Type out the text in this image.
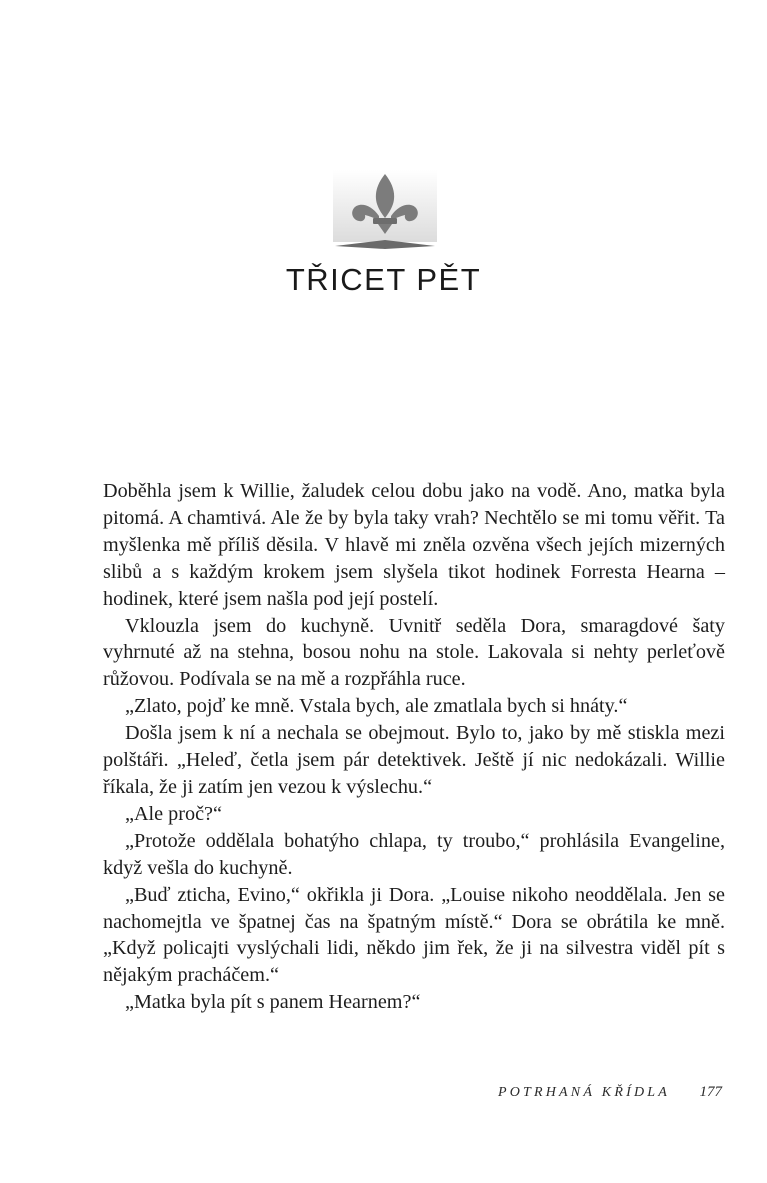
TŘICET PĚT

Doběhla jsem k Willie, žaludek celou dobu jako na vodě. Ano, matka byla pitomá. A chamtivá. Ale že by byla taky vrah? Nechtělo se mi tomu věřit. Ta myšlenka mě příliš děsila. V hlavě mi zněla ozvěna všech jejích mizerných slibů a s každým krokem jsem slyšela tikot hodinek Forresta Hearna – hodinek, které jsem našla pod její postelí.

Vklouzla jsem do kuchyně. Uvnitř seděla Dora, smaragdové šaty vyhrnuté až na stehna, bosou nohu na stole. Lakovala si nehty perleťově růžovou. Podívala se na mě a rozpřáhla ruce.

„Zlato, pojď ke mně. Vstala bych, ale zmatlala bych si hnáty.“

Došla jsem k ní a nechala se obejmout. Bylo to, jako by mě stiskla mezi polštáři. „Heleď, četla jsem pár detektivek. Ještě jí nic nedokázali. Willie říkala, že ji zatím jen vezou k výslechu.“

„Ale proč?“

„Protože oddělala bohatýho chlapa, ty troubo,“ prohlásila Evangeline, když vešla do kuchyně.

„Buď zticha, Evino,“ okřikla ji Dora. „Louise nikoho neoddělala. Jen se nachomejtla ve špatnej čas na špatným místě.“ Dora se obrátila ke mně. „Když policajti vyslýchali lidi, někdo jim řek, že ji na silvestra viděl pít s nějakým pracháčem.“

„Matka byla pít s panem Hearnem?“

POTRHANÁ KŘÍDLA 177
